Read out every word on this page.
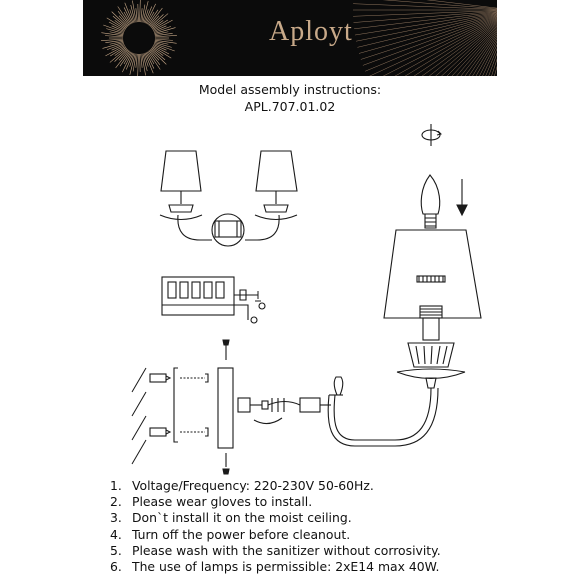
Aployt
Model assembly instructions:
APL.707.01.02
1. Voltage/Frequency: 220-230V 50-60Hz.
2. Please wear gloves to install.
3. Don`t install it on the moist ceiling.
4. Turn off the power before cleanout.
5. Please wash with the sanitizer without corrosivity.
6. The use of lamps is permissible: 2xE14 max 40W.
